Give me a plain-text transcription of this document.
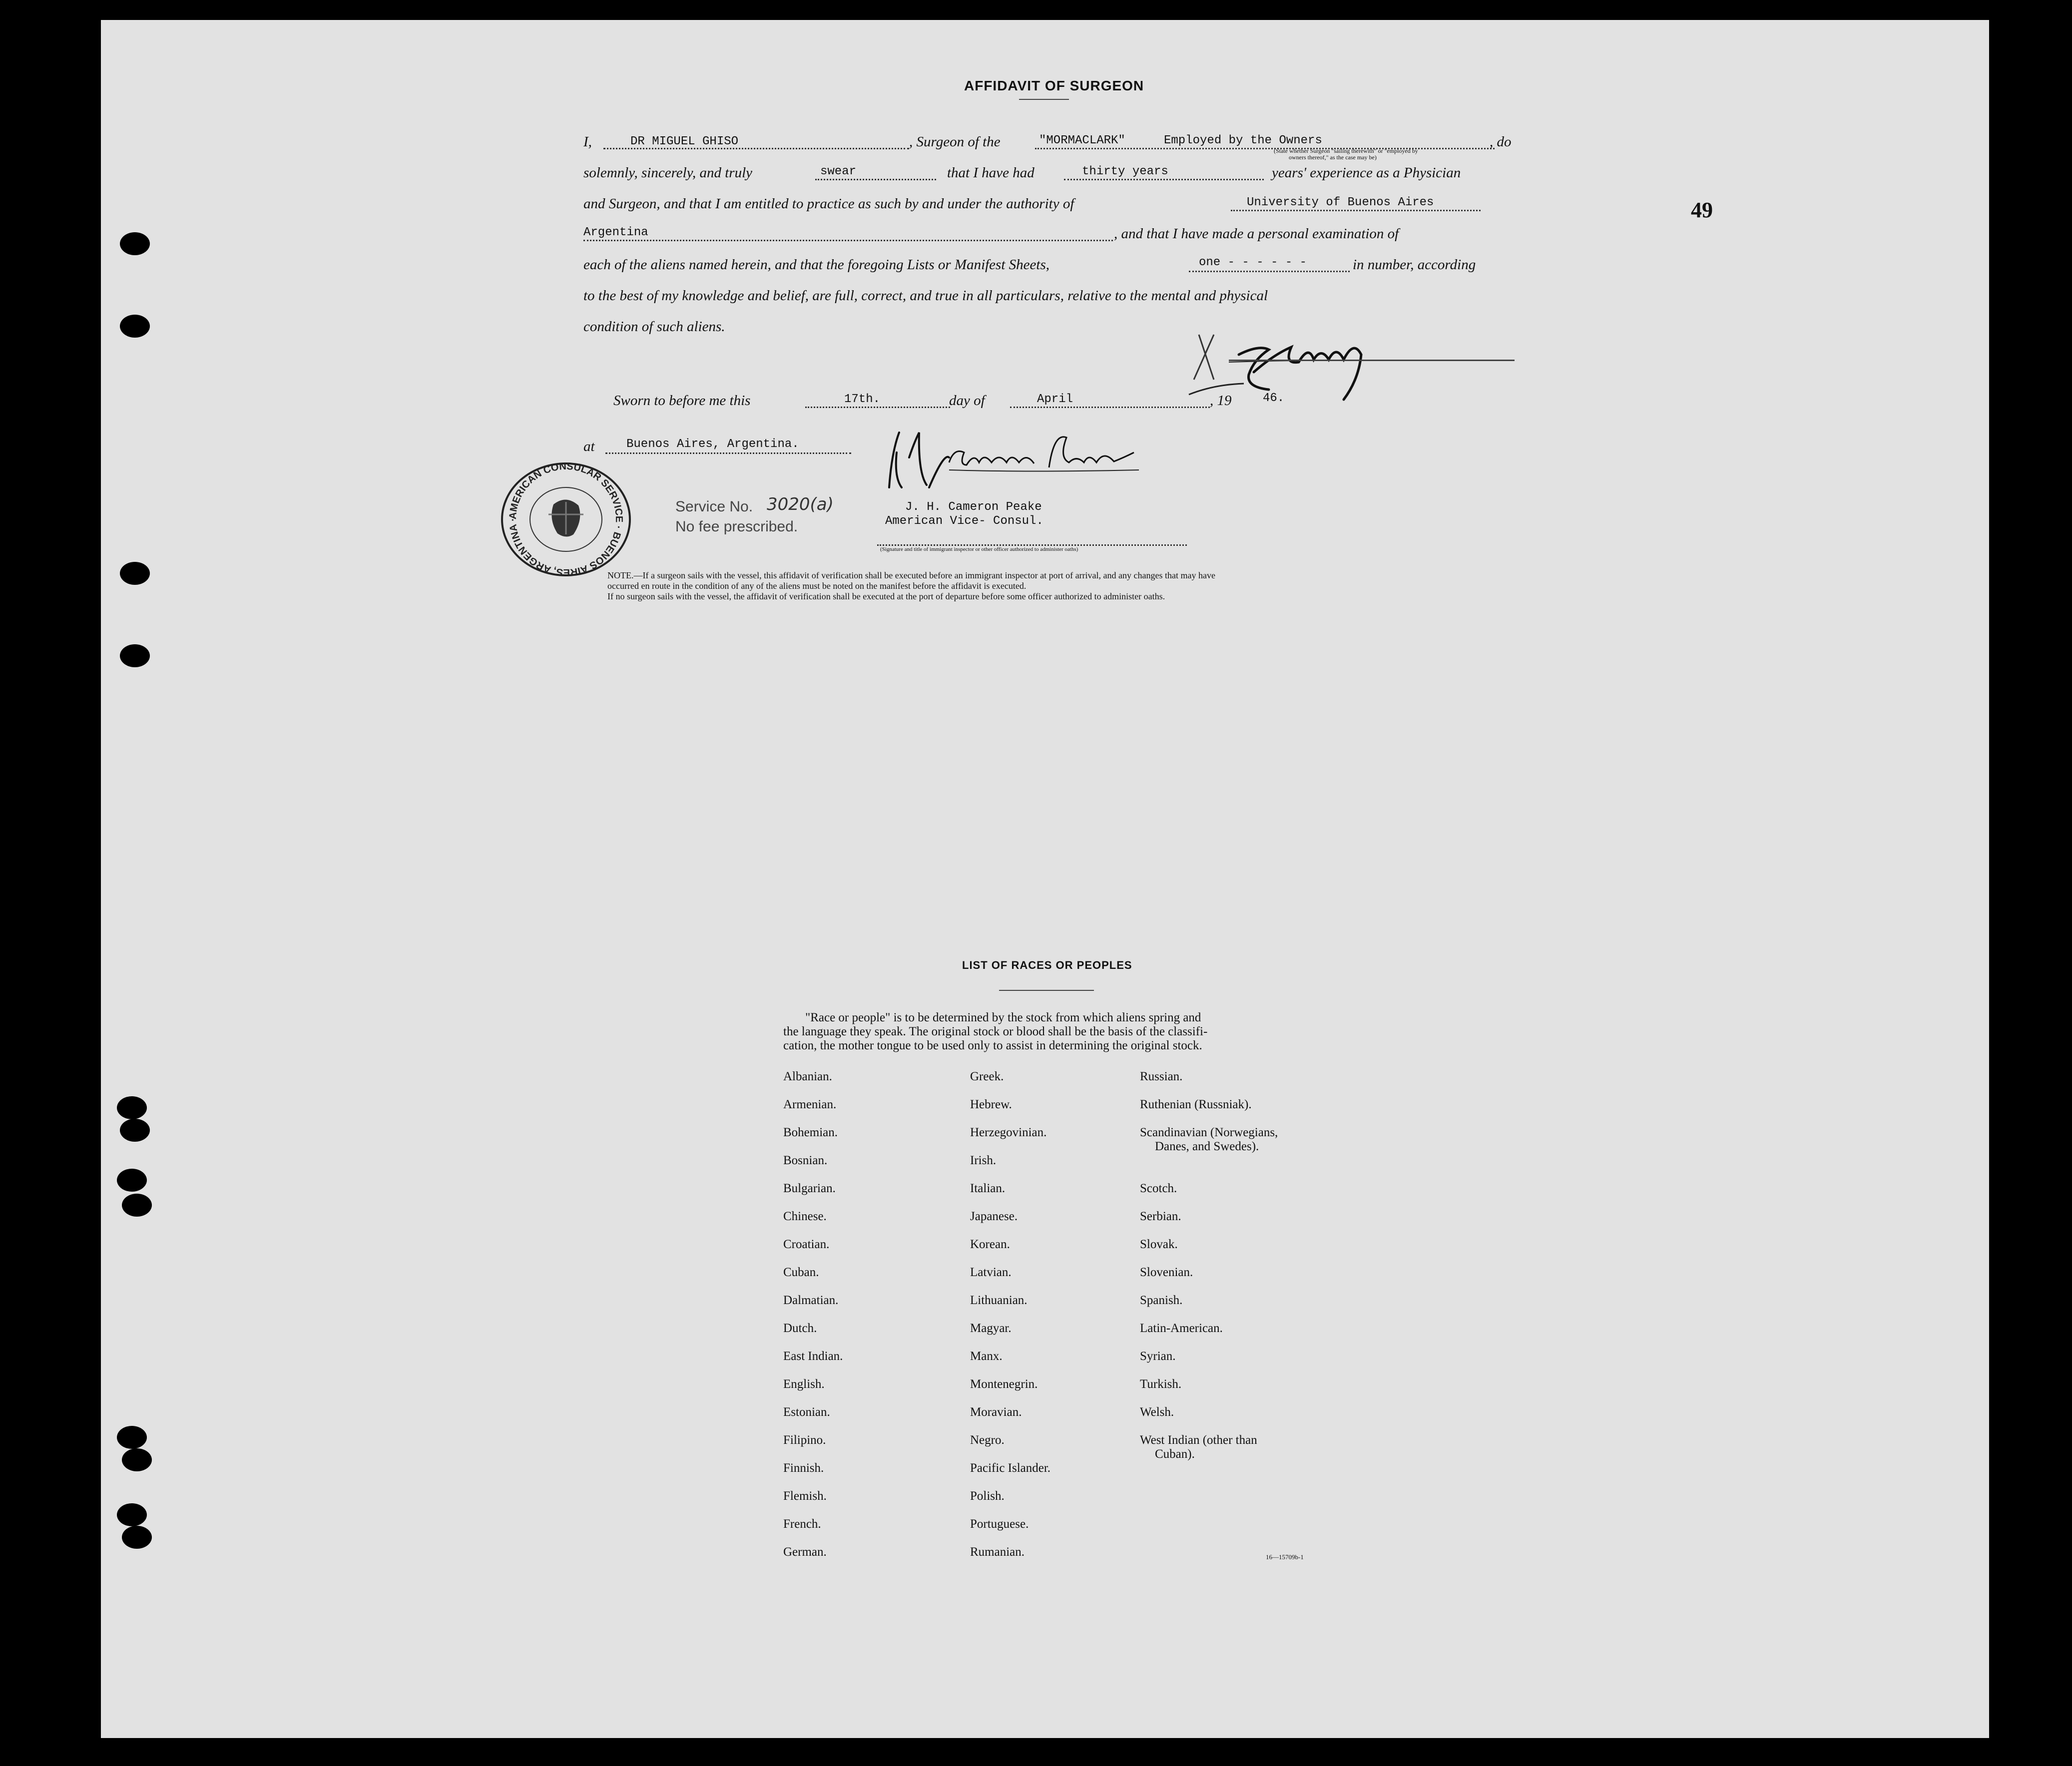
49
AFFIDAVIT OF SURGEON
I,	DR MIGUEL GHISO	, Surgeon of the	"MORMACLARK"	Employed by the Owners
(State whether Surgeon "sailing therewith" or "employed by
owners thereof," as the case may be)
, do
solemnly, sincerely, and truly	swear	that I have had	thirty years	years' experience as a Physician
and Surgeon, and that I am entitled to practice as such by and under the authority of	University of Buenos Aires
Argentina	, and that I have made a personal examination of
each of the aliens named herein, and that the foregoing Lists or Manifest Sheets,	one - - - - - -	in number, according
to the best of my knowledge and belief, are full, correct, and true in all particulars, relative to the mental and physical
condition of such aliens.
Sworn to before me this	17th.	day of	April	, 19	46.
at	Buenos Aires, Argentina.
AMERICAN CONSULAR SERVICE · BUENOS AIRES, ARGENTINA ·
Service No. 3020(a)
No fee prescribed.
J. H. Cameron Peake
American Vice- Consul.
(Signature and title of immigrant inspector or other officer authorized to administer oaths)
NOTE.—If a surgeon sails with the vessel, this affidavit of verification shall be executed before an immigrant inspector at port of arrival, and any changes that may have
occurred en route in the condition of any of the aliens must be noted on the manifest before the affidavit is executed.
If no surgeon sails with the vessel, the affidavit of verification shall be executed at the port of departure before some officer authorized to administer oaths.
LIST OF RACES OR PEOPLES
"Race or people" is to be determined by the stock from which aliens spring and
the language they speak. The original stock or blood shall be the basis of the classifi-
cation, the mother tongue to be used only to assist in determining the original stock.
Albanian.
Armenian.
Bohemian.
Bosnian.
Bulgarian.
Chinese.
Croatian.
Cuban.
Dalmatian.
Dutch.
East Indian.
English.
Estonian.
Filipino.
Finnish.
Flemish.
French.
German.
Greek.
Hebrew.
Herzegovinian.
Irish.
Italian.
Japanese.
Korean.
Latvian.
Lithuanian.
Magyar.
Manx.
Montenegrin.
Moravian.
Negro.
Pacific Islander.
Polish.
Portuguese.
Rumanian.
Russian.
Ruthenian (Russniak).
Scandinavian (Norwegians,
Danes, and Swedes).
Scotch.
Serbian.
Slovak.
Slovenian.
Spanish.
Latin-American.
Syrian.
Turkish.
Welsh.
West Indian (other than
Cuban).
16—15709b-1
